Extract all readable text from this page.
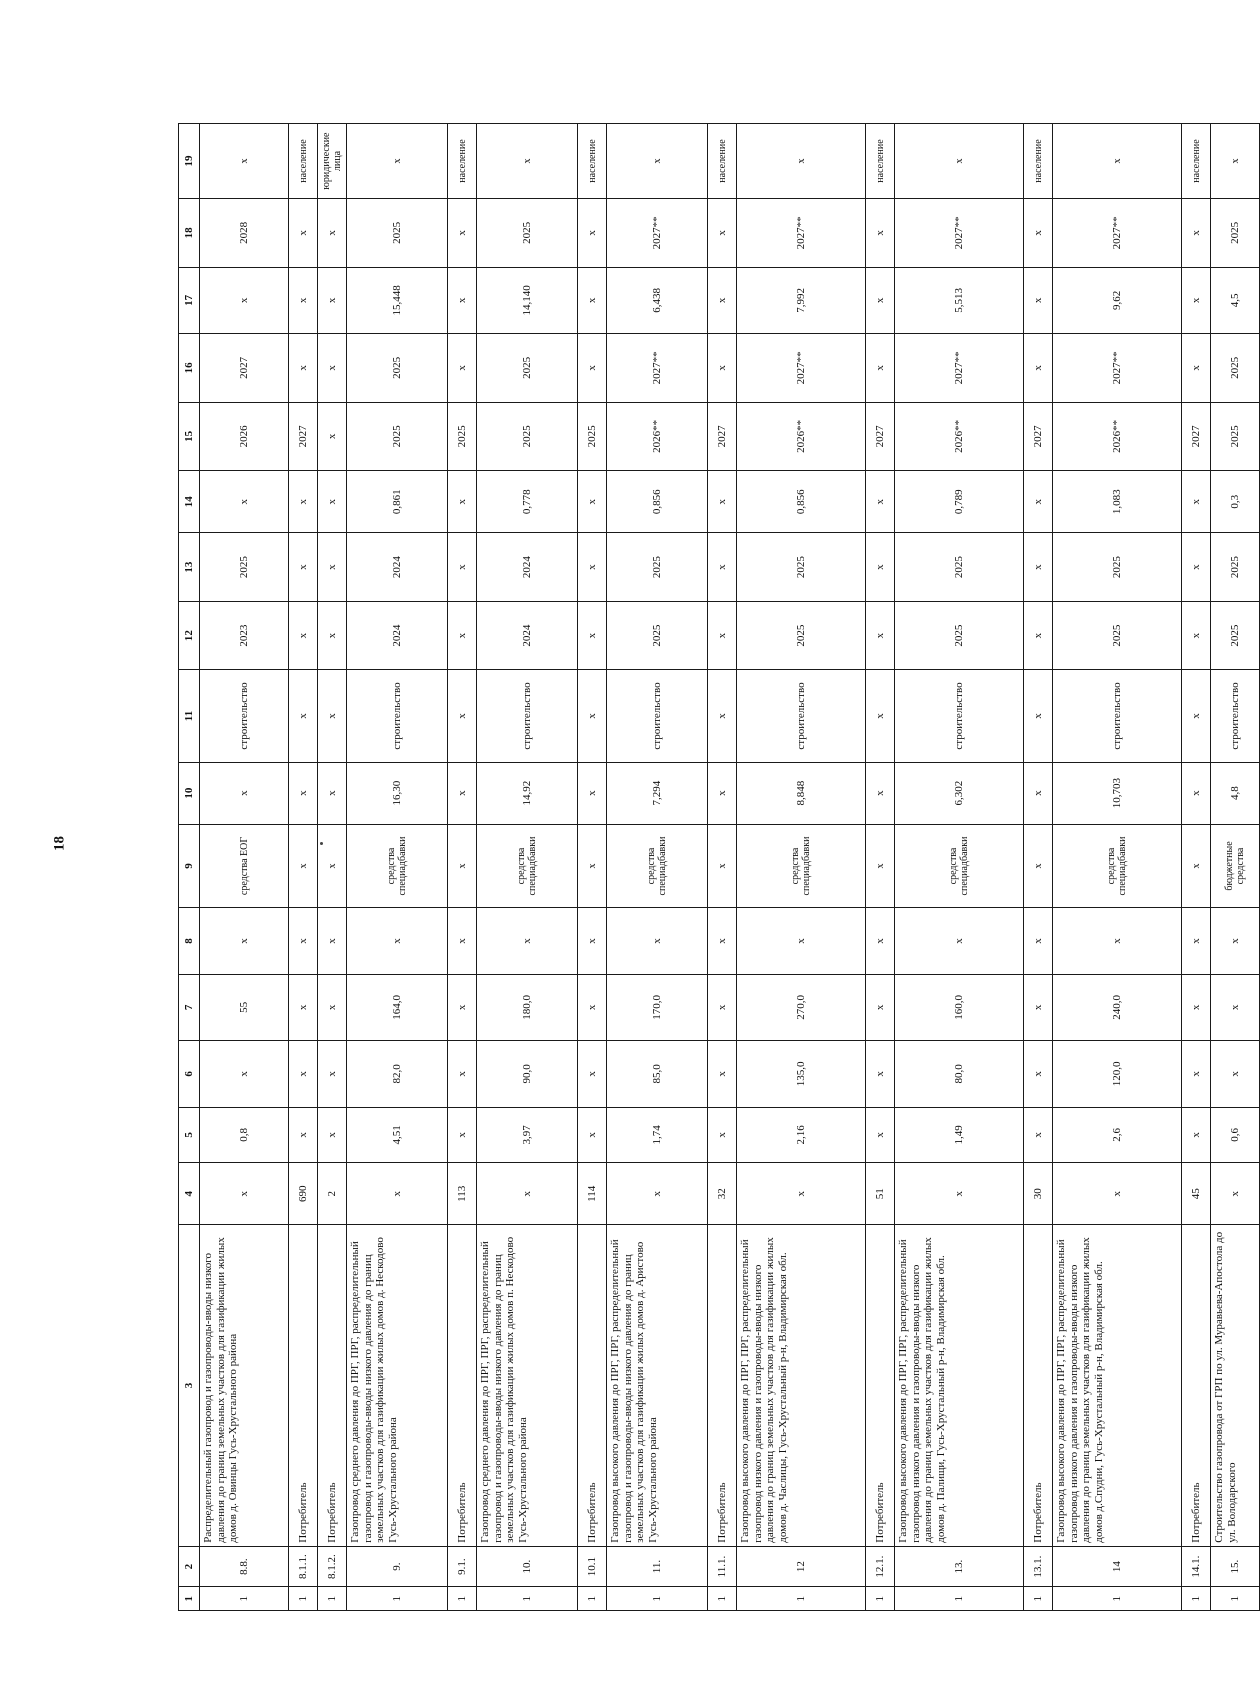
18
1	2	3	4	5	6	7	8	9	10	11	12	13	14	15	16	17	18	19
1	8.8.	Распределительный газопровод и газопроводы-вводы низкого давления до границ земельных участков для газификации жилых домов д. Овинцы Гусь-Хрустального района	x	0,8	x	55	x	средства ЕОГ	x	строительство	2023	2025	x	2026	2027	x	2028	x
1	8.1.1.	Потребитель	690	x	x	x	x	x	x	x	x	x	x	2027	x	x	x	население
1	8.1.2.	Потребитель	2	x	x	x	x	x	x	x	x	x	x	x	x	x	x	юридические лица
1	9.	Газопровод среднего давления до ПРГ, ПРГ, распределительный газопровод и газопроводы-вводы низкого давления до границ земельных участков для газификации жилых домов д. Нескодово Гусь-Хрустального района	x	4,51	82,0	164,0	x	средства специадбавки	16,30	строительство	2024	2024	0,861	2025	2025	15,448	2025	x
1	9.1.	Потребитель	113	x	x	x	x	x	x	x	x	x	x	2025	x	x	x	население
1	10.	Газопровод среднего давления до ПРГ, ПРГ, распределительный газопровод и газопроводы-вводы низкого давления до границ земельных участков для газификации жилых домов п. Нескодово Гусь-Хрустального района	x	3,97	90,0	180,0	x	средства специадбавки	14,92	строительство	2024	2024	0,778	2025	2025	14,140	2025	x
1	10.1	Потребитель	114	x	x	x	x	x	x	x	x	x	x	2025	x	x	x	население
1	11.	Газопровод высокого давления до ПРГ, ПРГ, распределительный газопровод и газопроводы-вводы низкого давления до границ земельных участков для газификации жилых домов д. Аристово Гусь-Хрустального района	x	1,74	85,0	170,0	x	средства специадбавки	7,294	строительство	2025	2025	0,856	2026**	2027**	6,438	2027**	x
1	11.1.	Потребитель	32	x	x	x	x	x	x	x	x	x	x	2027	x	x	x	население
1	12	Газопровод высокого давления до ПРГ, ПРГ, распределительный газопровод низкого давления и газопроводы-вводы низкого давления до границ земельных участков для газификации жилых домов д. Часлицы, Гусь-Хрустальный р-н, Владимирская обл.	x	2,16	135,0	270,0	x	средства специадбавки	8,848	строительство	2025	2025	0,856	2026**	2027**	7,992	2027**	x
1	12.1.	Потребитель	51	x	x	x	x	x	x	x	x	x	x	2027	x	x	x	население
1	13.	Газопровод высокого давления до ПРГ, ПРГ, распределительный газопровод низкого давления и газопроводы-вводы низкого давления до границ земельных участков для газификации жилых домов д. Палищи, Гусь-Хрустальный р-н, Владимирская обл.	x	1,49	80,0	160,0	x	средства специадбавки	6,302	строительство	2025	2025	0,789	2026**	2027**	5,513	2027**	x
1	13.1.	Потребитель	30	x	x	x	x	x	x	x	x	x	x	2027	x	x	x	население
1	14	Газопровод высокого давления до ПРГ, ПРГ, распределительный газопровод низкого давления и газопроводы-вводы низкого давления до границ земельных участков для газификации жилых домов д.Спудни, Гусь-Хрустальный р-н, Владимирская обл.	x	2,6	120,0	240,0	x	средства специадбавки	10,703	строительство	2025	2025	1,083	2026**	2027**	9,62	2027**	x
1	14.1.	Потребитель	45	x	x	x	x	x	x	x	x	x	x	2027	x	x	x	население
1	15.	Строительство газопровода от ГРП по ул. Муравьева-Апостола до ул. Володарского	x	0,6	x	x	x	бюджетные средства	4,8	строительство	2025	2025	0,3	2025	2025	4,5	2025	x
